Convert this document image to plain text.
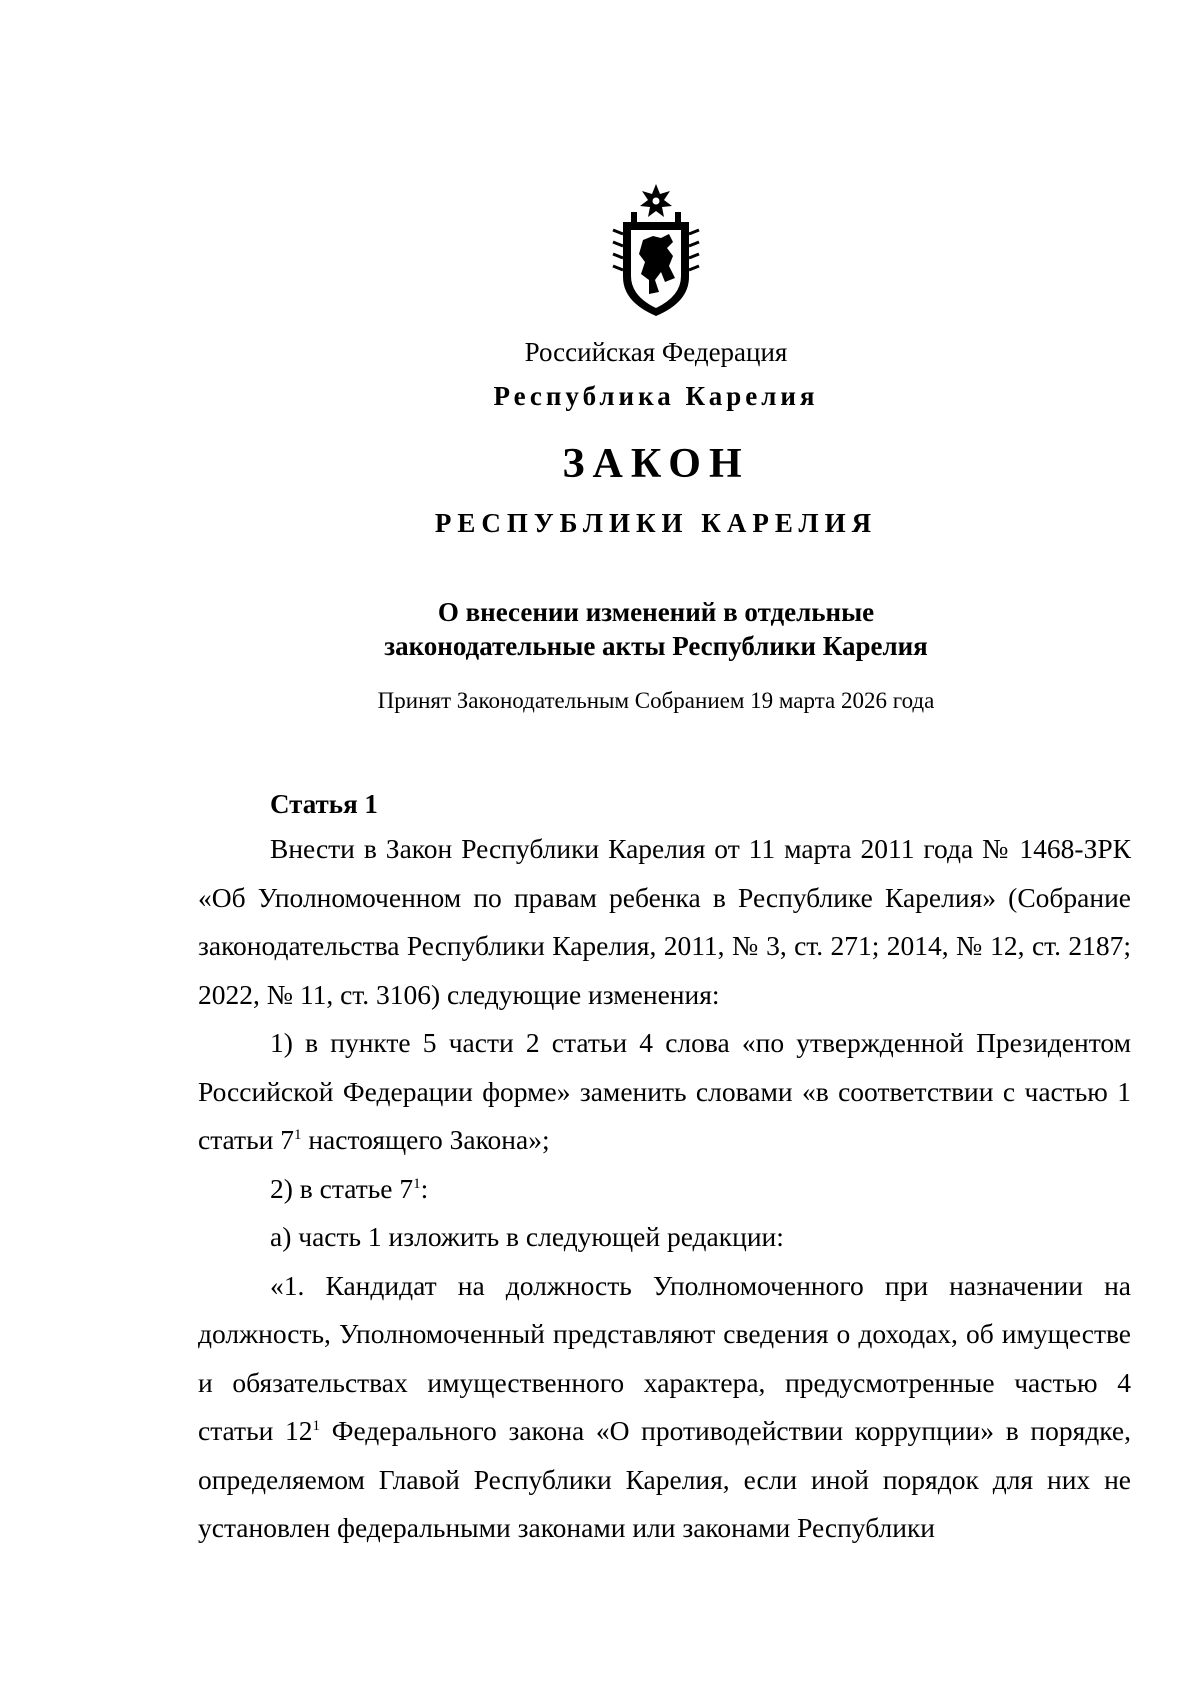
Российская Федерация
Республика Карелия
ЗАКОН
РЕСПУБЛИКИ КАРЕЛИЯ
О внесении изменений в отдельные
законодательные акты Республики Карелия
Принят Законодательным Собранием 19 марта 2026 года
Статья 1

Внести в Закон Республики Карелия от 11 марта 2011 года № 1468-ЗРК «Об Уполномоченном по правам ребенка в Республике Карелия» (Собрание законодательства Республики Карелия, 2011, № 3, ст. 271; 2014, № 12, ст. 2187; 2022, № 11, ст. 3106) следующие изменения:

1) в пункте 5 части 2 статьи 4 слова «по утвержденной Президентом Российской Федерации форме» заменить словами «в соответствии с частью 1 статьи $7^1$ настоящего Закона»;

2) в статье $7^1$:

а) часть 1 изложить в следующей редакции:

«1. Кандидат на должность Уполномоченного при назначении на должность, Уполномоченный представляют сведения о доходах, об имуществе и обязательствах имущественного характера, предусмотренные частью 4 статьи $12^1$ Федерального закона «О противодействии коррупции» в порядке, определяемом Главой Республики Карелия, если иной порядок для них не установлен федеральными законами или законами Республики
